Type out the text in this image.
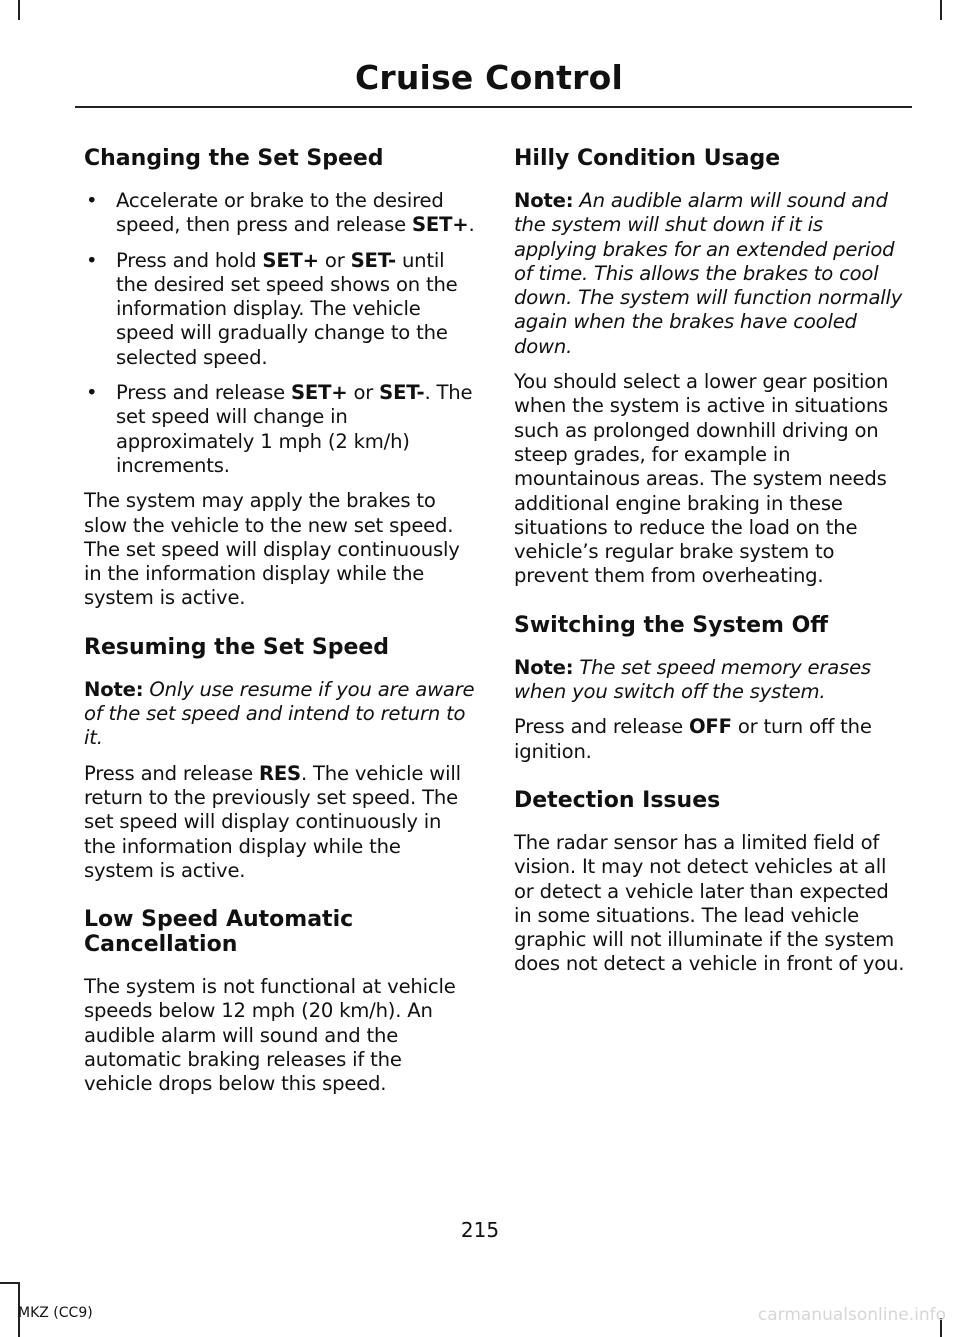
Cruise Control
Changing the Set Speed
• Accelerate or brake to the desired speed, then press and release SET+.
• Press and hold SET+ or SET- until the desired set speed shows on the information display. The vehicle speed will gradually change to the selected speed.
• Press and release SET+ or SET-. The set speed will change in approximately 1 mph (2 km/h) increments.

The system may apply the brakes to slow the vehicle to the new set speed. The set speed will display continuously in the information display while the system is active.

Resuming the Set Speed

Note: Only use resume if you are aware of the set speed and intend to return to it.

Press and release RES. The vehicle will return to the previously set speed. The set speed will display continuously in the information display while the system is active.

Low Speed Automatic Cancellation

The system is not functional at vehicle speeds below 12 mph (20 km/h). An audible alarm will sound and the automatic braking releases if the vehicle drops below this speed.

Hilly Condition Usage

Note: An audible alarm will sound and the system will shut down if it is applying brakes for an extended period of time. This allows the brakes to cool down. The system will function normally again when the brakes have cooled down.

You should select a lower gear position when the system is active in situations such as prolonged downhill driving on steep grades, for example in mountainous areas. The system needs additional engine braking in these situations to reduce the load on the vehicle’s regular brake system to prevent them from overheating.

Switching the System Off

Note: The set speed memory erases when you switch off the system.

Press and release OFF or turn off the ignition.

Detection Issues

The radar sensor has a limited field of vision. It may not detect vehicles at all or detect a vehicle later than expected in some situations. The lead vehicle graphic will not illuminate if the system does not detect a vehicle in front of you.

215
MKZ (CC9)	carmanualsonline.info
